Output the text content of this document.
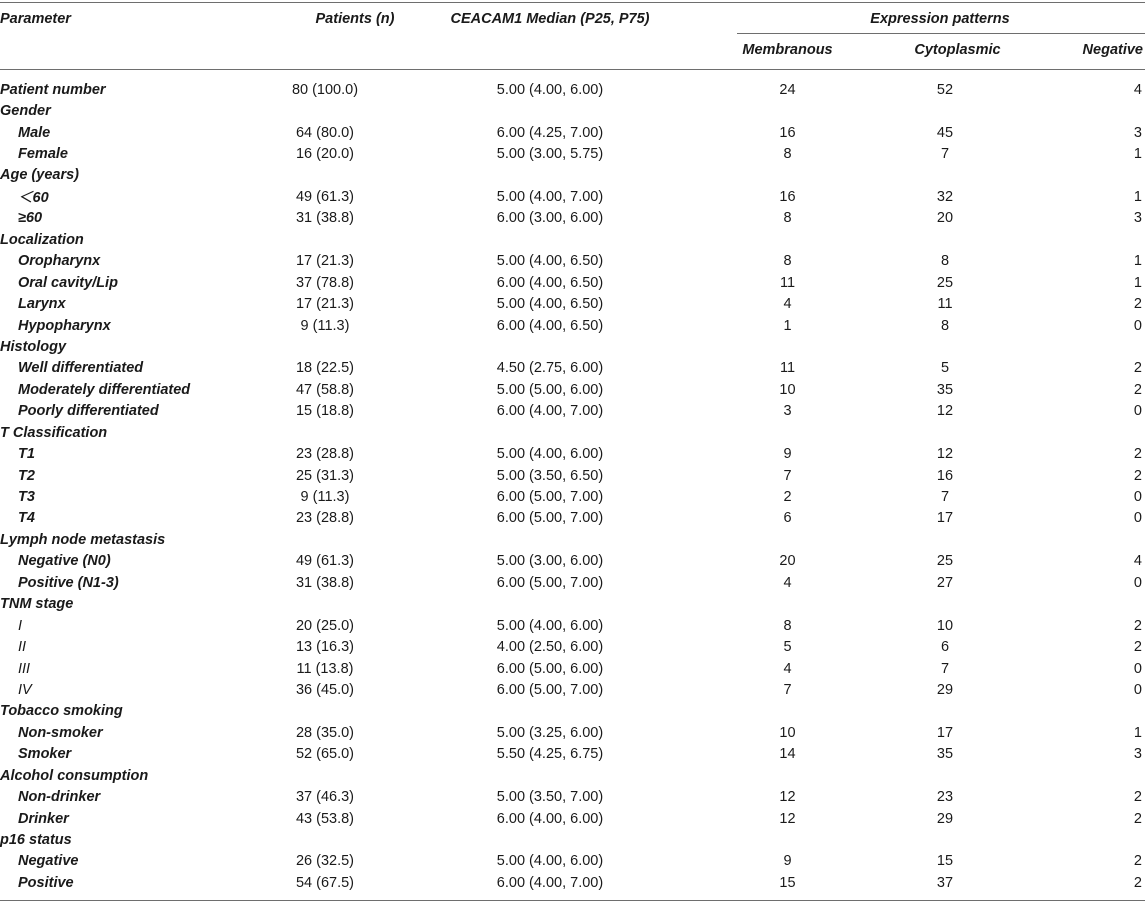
Parameter	Patients (n)	CEACAM1 Median (P25, P75)	Expression patterns
Membranous	Cytoplasmic	Negative
Patient number	80 (100.0)	5.00 (4.00, 6.00)	24	52	4
Gender					
Male	64 (80.0)	6.00 (4.25, 7.00)	16	45	3
Female	16 (20.0)	5.00 (3.00, 5.75)	8	7	1
Age (years)					
＜60	49 (61.3)	5.00 (4.00, 7.00)	16	32	1
≥60	31 (38.8)	6.00 (3.00, 6.00)	8	20	3
Localization					
Oropharynx	17 (21.3)	5.00 (4.00, 6.50)	8	8	1
Oral cavity/Lip	37 (78.8)	6.00 (4.00, 6.50)	11	25	1
Larynx	17 (21.3)	5.00 (4.00, 6.50)	4	11	2
Hypopharynx	9 (11.3)	6.00 (4.00, 6.50)	1	8	0
Histology					
Well differentiated	18 (22.5)	4.50 (2.75, 6.00)	11	5	2
Moderately differentiated	47 (58.8)	5.00 (5.00, 6.00)	10	35	2
Poorly differentiated	15 (18.8)	6.00 (4.00, 7.00)	3	12	0
T Classification					
T1	23 (28.8)	5.00 (4.00, 6.00)	9	12	2
T2	25 (31.3)	5.00 (3.50, 6.50)	7	16	2
T3	9 (11.3)	6.00 (5.00, 7.00)	2	7	0
T4	23 (28.8)	6.00 (5.00, 7.00)	6	17	0
Lymph node metastasis					
Negative (N0)	49 (61.3)	5.00 (3.00, 6.00)	20	25	4
Positive (N1-3)	31 (38.8)	6.00 (5.00, 7.00)	4	27	0
TNM stage					
I	20 (25.0)	5.00 (4.00, 6.00)	8	10	2
II	13 (16.3)	4.00 (2.50, 6.00)	5	6	2
III	11 (13.8)	6.00 (5.00, 6.00)	4	7	0
IV	36 (45.0)	6.00 (5.00, 7.00)	7	29	0
Tobacco smoking					
Non-smoker	28 (35.0)	5.00 (3.25, 6.00)	10	17	1
Smoker	52 (65.0)	5.50 (4.25, 6.75)	14	35	3
Alcohol consumption					
Non-drinker	37 (46.3)	5.00 (3.50, 7.00)	12	23	2
Drinker	43 (53.8)	6.00 (4.00, 6.00)	12	29	2
p16 status					
Negative	26 (32.5)	5.00 (4.00, 6.00)	9	15	2
Positive	54 (67.5)	6.00 (4.00, 7.00)	15	37	2
